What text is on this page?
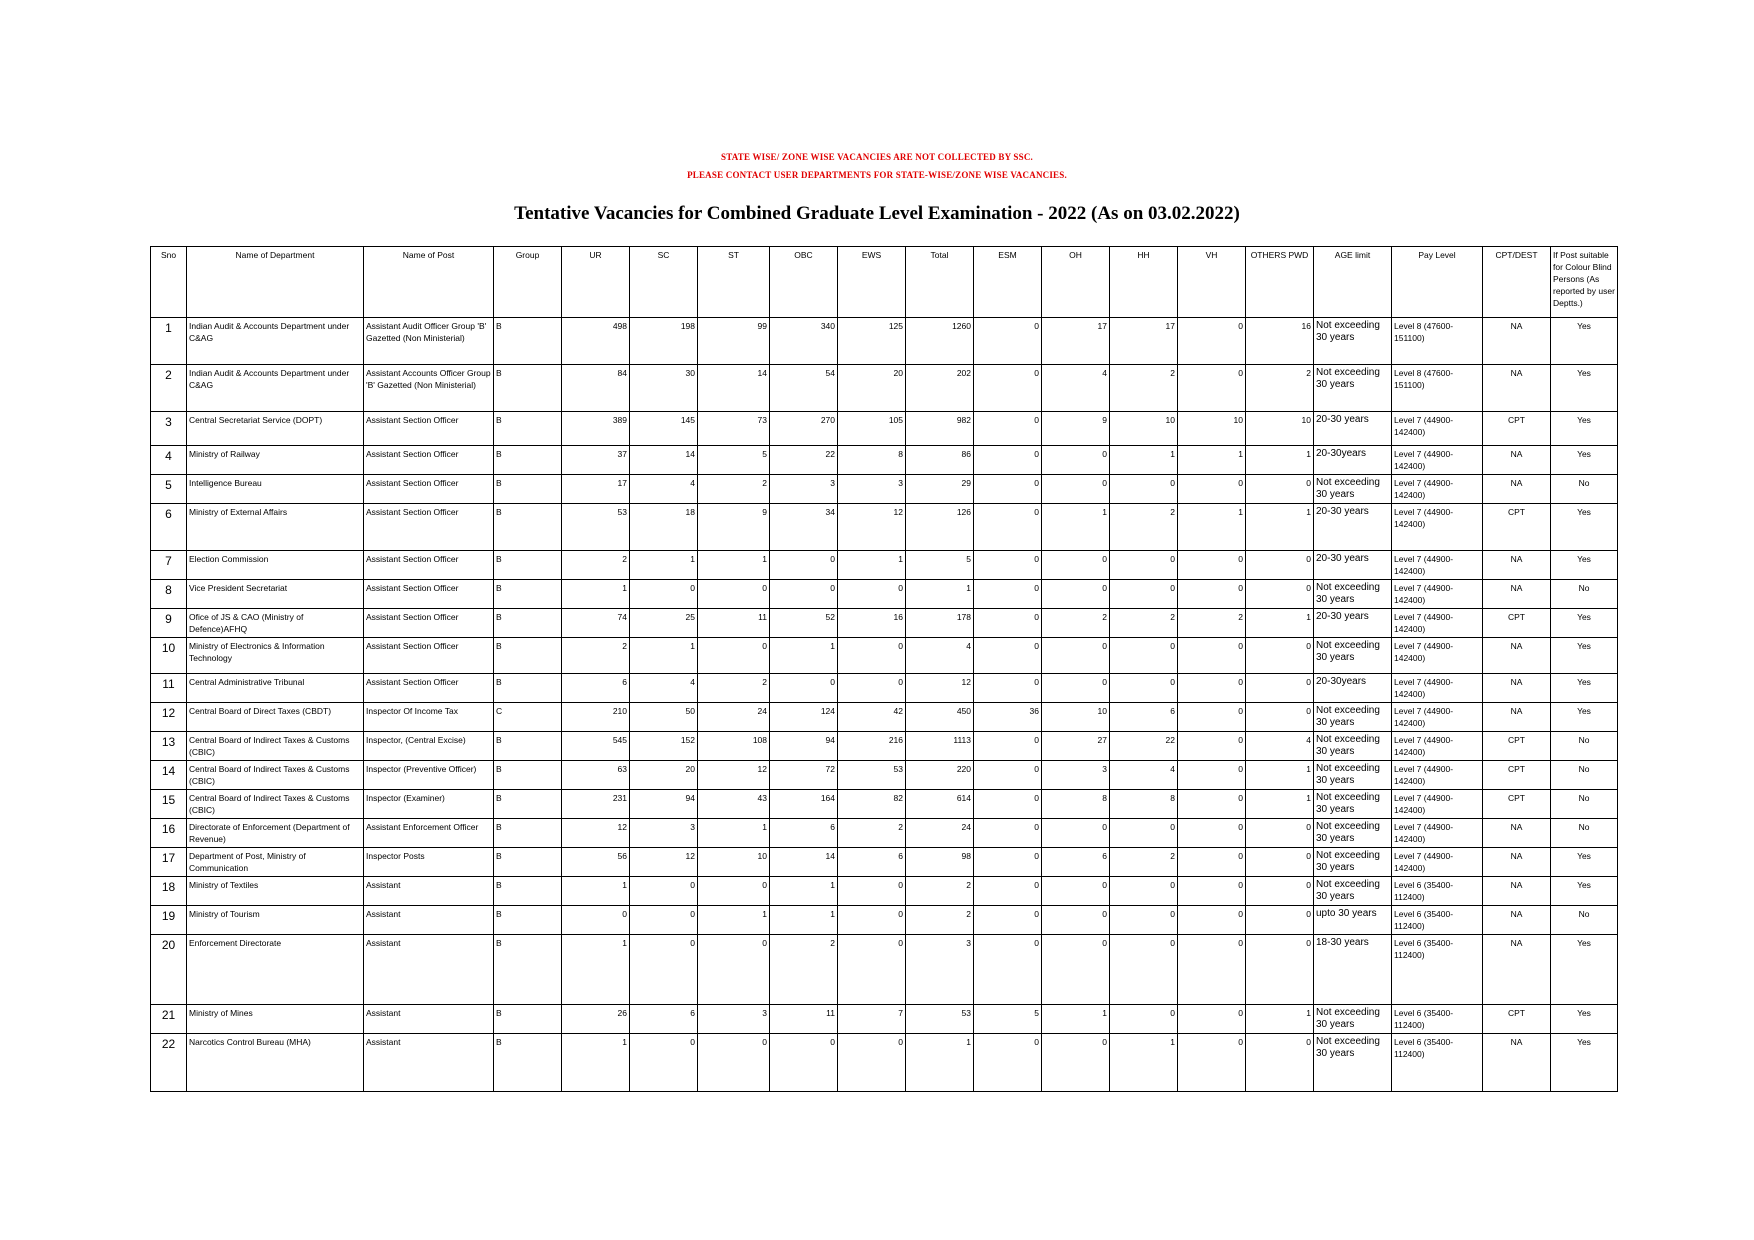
STATE WISE/ ZONE WISE VACANCIES ARE NOT COLLECTED BY SSC.
PLEASE CONTACT USER DEPARTMENTS FOR STATE-WISE/ZONE WISE VACANCIES.
Tentative Vacancies for Combined Graduate Level Examination - 2022 (As on 03.02.2022)
Sno	Name of Department	Name of Post	Group	UR	SC	ST	OBC	EWS	Total	ESM	OH	HH	VH	OTHERS PWD	AGE limit	Pay Level	CPT/DEST	If Post suitable for Colour Blind Persons (As reported by user Deptts.)
1	Indian Audit & Accounts Department under C&AG	Assistant Audit Officer Group 'B' Gazetted (Non Ministerial)	B	498	198	99	340	125	1260	0	17	17	0	16	Not exceeding 30 years	Level 8 (47600-151100)	NA	Yes
2	Indian Audit & Accounts Department under C&AG	Assistant Accounts Officer Group 'B' Gazetted (Non Ministerial)	B	84	30	14	54	20	202	0	4	2	0	2	Not exceeding 30 years	Level 8 (47600-151100)	NA	Yes
3	Central Secretariat Service (DOPT)	Assistant Section Officer	B	389	145	73	270	105	982	0	9	10	10	10	20-30 years	Level 7 (44900-142400)	CPT	Yes
4	Ministry of Railway	Assistant Section Officer	B	37	14	5	22	8	86	0	0	1	1	1	20-30years	Level 7 (44900-142400)	NA	Yes
5	Intelligence Bureau	Assistant Section Officer	B	17	4	2	3	3	29	0	0	0	0	0	Not exceeding 30 years	Level 7 (44900-142400)	NA	No
6	Ministry of External Affairs	Assistant Section Officer	B	53	18	9	34	12	126	0	1	2	1	1	20-30 years	Level 7 (44900-142400)	CPT	Yes
7	Election Commission	Assistant Section Officer	B	2	1	1	0	1	5	0	0	0	0	0	20-30 years	Level 7 (44900-142400)	NA	Yes
8	Vice President Secretariat	Assistant Section Officer	B	1	0	0	0	0	1	0	0	0	0	0	Not exceeding 30 years	Level 7 (44900-142400)	NA	No
9	Ofice of JS & CAO (Ministry of Defence)AFHQ	Assistant Section Officer	B	74	25	11	52	16	178	0	2	2	2	1	20-30 years	Level 7 (44900-142400)	CPT	Yes
10	Ministry of Electronics & Information Technology	Assistant Section Officer	B	2	1	0	1	0	4	0	0	0	0	0	Not exceeding 30 years	Level 7 (44900-142400)	NA	Yes
11	Central Administrative Tribunal	Assistant Section Officer	B	6	4	2	0	0	12	0	0	0	0	0	20-30years	Level 7 (44900-142400)	NA	Yes
12	Central Board of Direct Taxes (CBDT)	Inspector Of Income Tax	C	210	50	24	124	42	450	36	10	6	0	0	Not exceeding 30 years	Level 7 (44900-142400)	NA	Yes
13	Central Board of Indirect Taxes & Customs (CBIC)	Inspector, (Central Excise)	B	545	152	108	94	216	1113	0	27	22	0	4	Not exceeding 30 years	Level 7 (44900-142400)	CPT	No
14	Central Board of Indirect Taxes & Customs (CBIC)	Inspector (Preventive Officer)	B	63	20	12	72	53	220	0	3	4	0	1	Not exceeding 30 years	Level 7 (44900-142400)	CPT	No
15	Central Board of Indirect Taxes & Customs (CBIC)	Inspector (Examiner)	B	231	94	43	164	82	614	0	8	8	0	1	Not exceeding 30 years	Level 7 (44900-142400)	CPT	No
16	Directorate of Enforcement (Department of Revenue)	Assistant Enforcement Officer	B	12	3	1	6	2	24	0	0	0	0	0	Not exceeding 30 years	Level 7 (44900-142400)	NA	No
17	Department of Post, Ministry of Communication	Inspector Posts	B	56	12	10	14	6	98	0	6	2	0	0	Not exceeding 30 years	Level 7 (44900-142400)	NA	Yes
18	Ministry of Textiles	Assistant	B	1	0	0	1	0	2	0	0	0	0	0	Not exceeding 30 years	Level 6 (35400-112400)	NA	Yes
19	Ministry of Tourism	Assistant	B	0	0	1	1	0	2	0	0	0	0	0	upto 30 years	Level 6 (35400-112400)	NA	No
20	Enforcement Directorate	Assistant	B	1	0	0	2	0	3	0	0	0	0	0	18-30 years	Level 6 (35400-112400)	NA	Yes
21	Ministry of Mines	Assistant	B	26	6	3	11	7	53	5	1	0	0	1	Not exceeding 30 years	Level 6 (35400-112400)	CPT	Yes
22	Narcotics Control Bureau (MHA)	Assistant	B	1	0	0	0	0	1	0	0	1	0	0	Not exceeding 30 years	Level 6 (35400-112400)	NA	Yes
